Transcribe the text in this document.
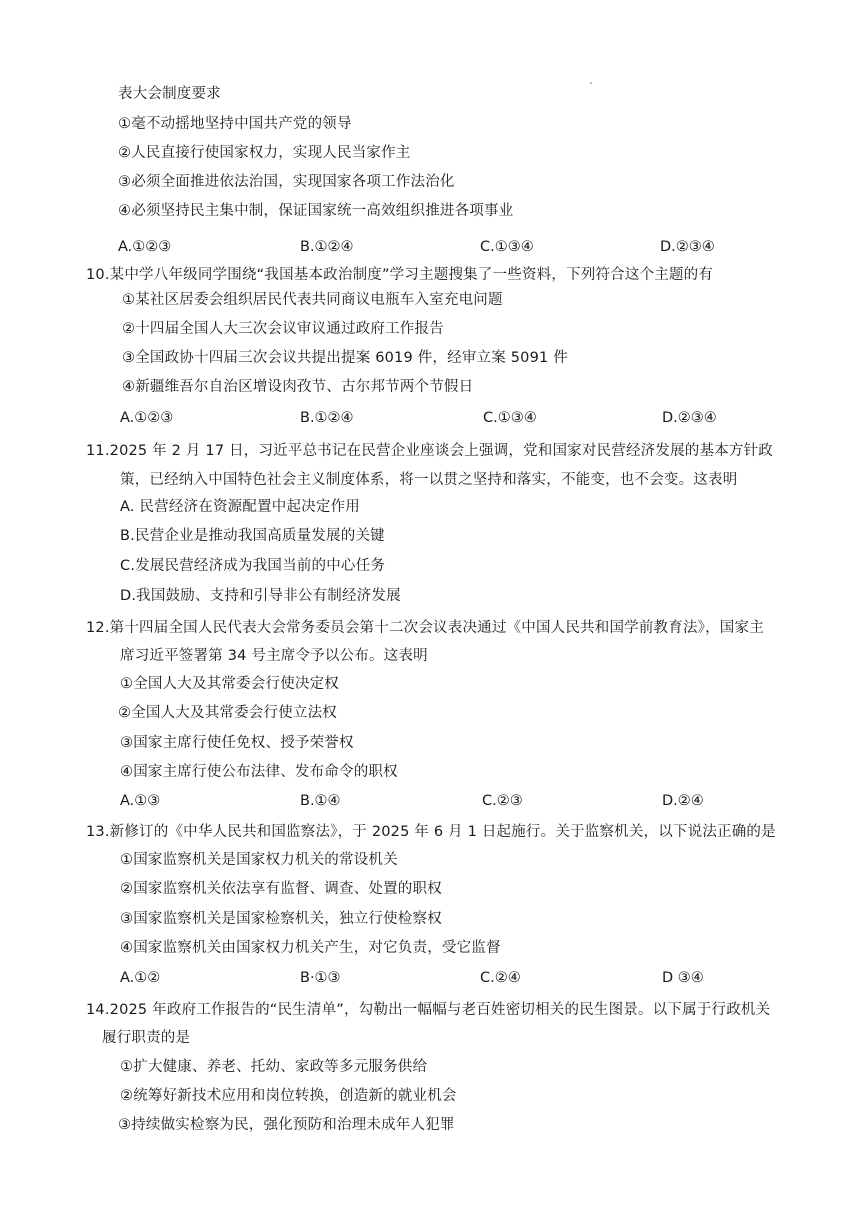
表大会制度要求
①毫不动摇地坚持中国共产党的领导
②人民直接行使国家权力，实现人民当家作主
③必须全面推进依法治国，实现国家各项工作法治化
④必须坚持民主集中制，保证国家统一高效组织推进各项事业
A.①②③	B.①②④	C.①③④	D.②③④
10.某中学八年级同学围绕“我国基本政治制度”学习主题搜集了一些资料，下列符合这个主题的有
①某社区居委会组织居民代表共同商议电瓶车入室充电问题
②十四届全国人大三次会议审议通过政府工作报告
③全国政协十四届三次会议共提出提案 6019 件，经审立案 5091 件
④新疆维吾尔自治区增设肉孜节、古尔邦节两个节假日
A.①②③	B.①②④	C.①③④	D.②③④
11.2025 年 2 月 17 日，习近平总书记在民营企业座谈会上强调，党和国家对民营经济发展的基本方针政
策，已经纳入中国特色社会主义制度体系，将一以贯之坚持和落实，不能变，也不会变。这表明
A. 民营经济在资源配置中起决定作用
B.民营企业是推动我国高质量发展的关键
C.发展民营经济成为我国当前的中心任务
D.我国鼓励、支持和引导非公有制经济发展
12.第十四届全国人民代表大会常务委员会第十二次会议表决通过《中国人民共和国学前教育法》，国家主
席习近平签署第 34 号主席令予以公布。这表明
①全国人大及其常委会行使决定权
②全国人大及其常委会行使立法权
③国家主席行使任免权、授予荣誉权
④国家主席行使公布法律、发布命令的职权
A.①③	B.①④	C.②③	D.②④
13.新修订的《中华人民共和国监察法》，于 2025 年 6 月 1 日起施行。关于监察机关，以下说法正确的是
①国家监察机关是国家权力机关的常设机关
②国家监察机关依法享有监督、调查、处置的职权
③国家监察机关是国家检察机关，独立行使检察权
④国家监察机关由国家权力机关产生，对它负责，受它监督
A.①②	B·①③	C.②④	D ③④
14.2025 年政府工作报告的“民生清单”，勾勒出一幅幅与老百姓密切相关的民生图景。以下属于行政机关
履行职责的是
①扩大健康、养老、托幼、家政等多元服务供给
②统筹好新技术应用和岗位转换，创造新的就业机会
③持续做实检察为民，强化预防和治理未成年人犯罪
